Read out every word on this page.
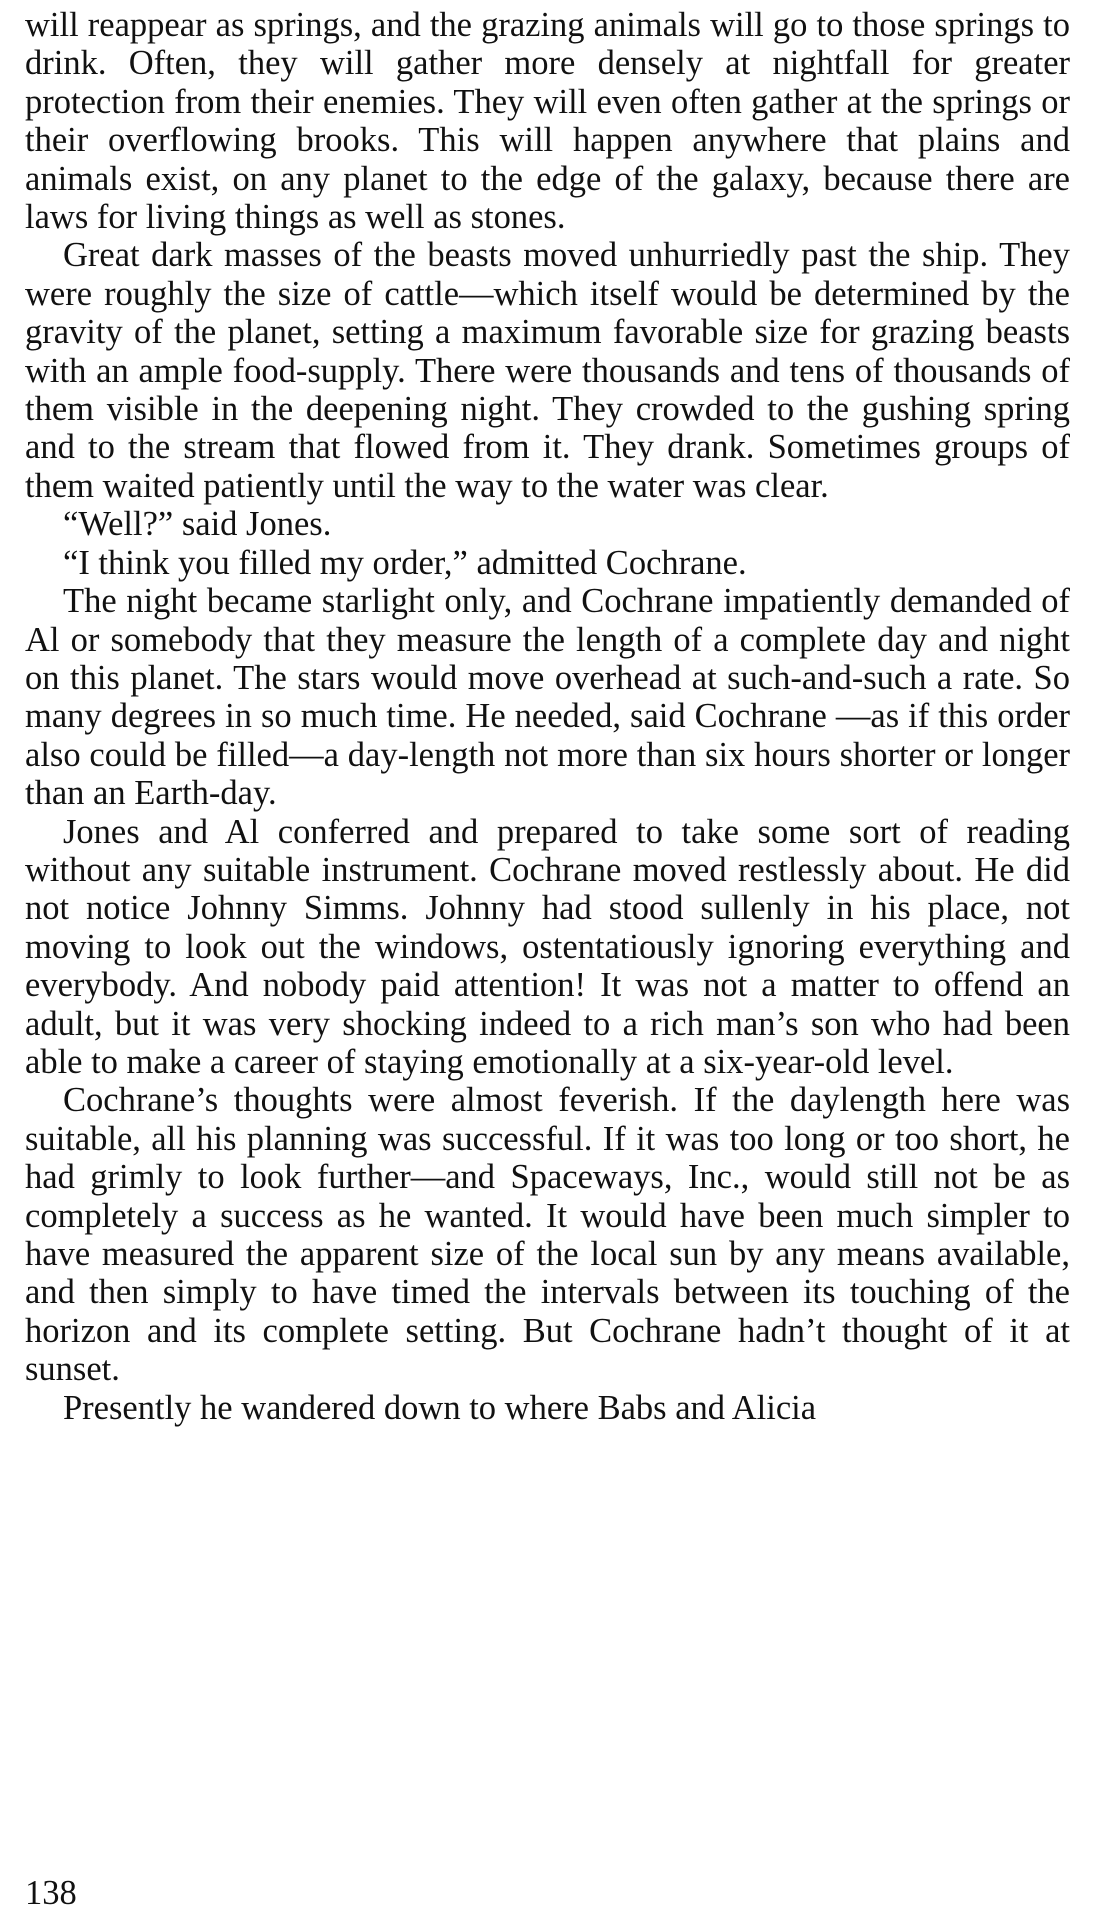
will reappear as springs, and the grazing animals will go to those springs to drink. Often, they will gather more densely at nightfall for greater protection from their enemies. They will even often gather at the springs or their overflowing brooks. This will happen anywhere that plains and animals exist, on any planet to the edge of the galaxy, because there are laws for living things as well as stones.

Great dark masses of the beasts moved unhurriedly past the ship. They were roughly the size of cattle—which itself would be determined by the gravity of the planet, setting a maximum favorable size for grazing beasts with an ample food-supply. There were thousands and tens of thousands of them visible in the deepening night. They crowded to the gushing spring and to the stream that flowed from it. They drank. Sometimes groups of them waited patiently until the way to the water was clear.

“Well?” said Jones.

“I think you filled my order,” admitted Cochrane.

The night became starlight only, and Cochrane impatiently demanded of Al or somebody that they measure the length of a complete day and night on this planet. The stars would move overhead at such-and-such a rate. So many degrees in so much time. He needed, said Cochrane —as if this order also could be filled—a day-length not more than six hours shorter or longer than an Earth-day.

Jones and Al conferred and prepared to take some sort of reading without any suitable instrument. Cochrane moved restlessly about. He did not notice Johnny Simms. Johnny had stood sullenly in his place, not moving to look out the windows, ostentatiously ignoring everything and everybody. And nobody paid attention! It was not a matter to offend an adult, but it was very shocking indeed to a rich man’s son who had been able to make a career of staying emotionally at a six-year-old level.

Cochrane’s thoughts were almost feverish. If the daylength here was suitable, all his planning was successful. If it was too long or too short, he had grimly to look further—and Spaceways, Inc., would still not be as completely a success as he wanted. It would have been much simpler to have measured the apparent size of the local sun by any means available, and then simply to have timed the intervals between its touching of the horizon and its complete setting. But Cochrane hadn’t thought of it at sunset.

Presently he wandered down to where Babs and Alicia

138
